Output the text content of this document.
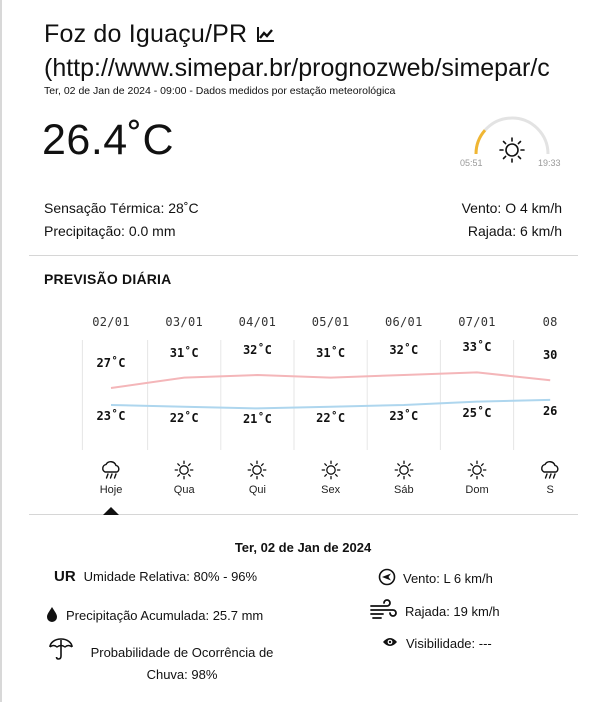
Foz do Iguaçu/PR
(http://www.simepar.br/prognozweb/simepar/c
Ter, 02 de Jan de 2024 - 09:00 - Dados medidos por estação meteorológica
26.4˚C	05:51	19:33
Sensação Térmica: 28˚C
Precipitação: 0.0 mm
Vento: O 4 km/h
Rajada: 6 km/h
PREVISÃO DIÁRIA
02/01
27˚C
23˚C
Hoje
03/01
31˚C
22˚C
Qua
04/01
32˚C
21˚C
Qui
05/01
31˚C
22˚C
Sex
06/01
32˚C
23˚C
Sáb
07/01
33˚C
25˚C
Dom
08
30
26
S
Ter, 02 de Jan de 2024
UR Umidade Relativa: 80% - 96%
Precipitação Acumulada: 25.7 mm
Probabilidade de Ocorrência de Chuva: 98%
Vento: L 6 km/h
Rajada: 19 km/h
Visibilidade: ---
